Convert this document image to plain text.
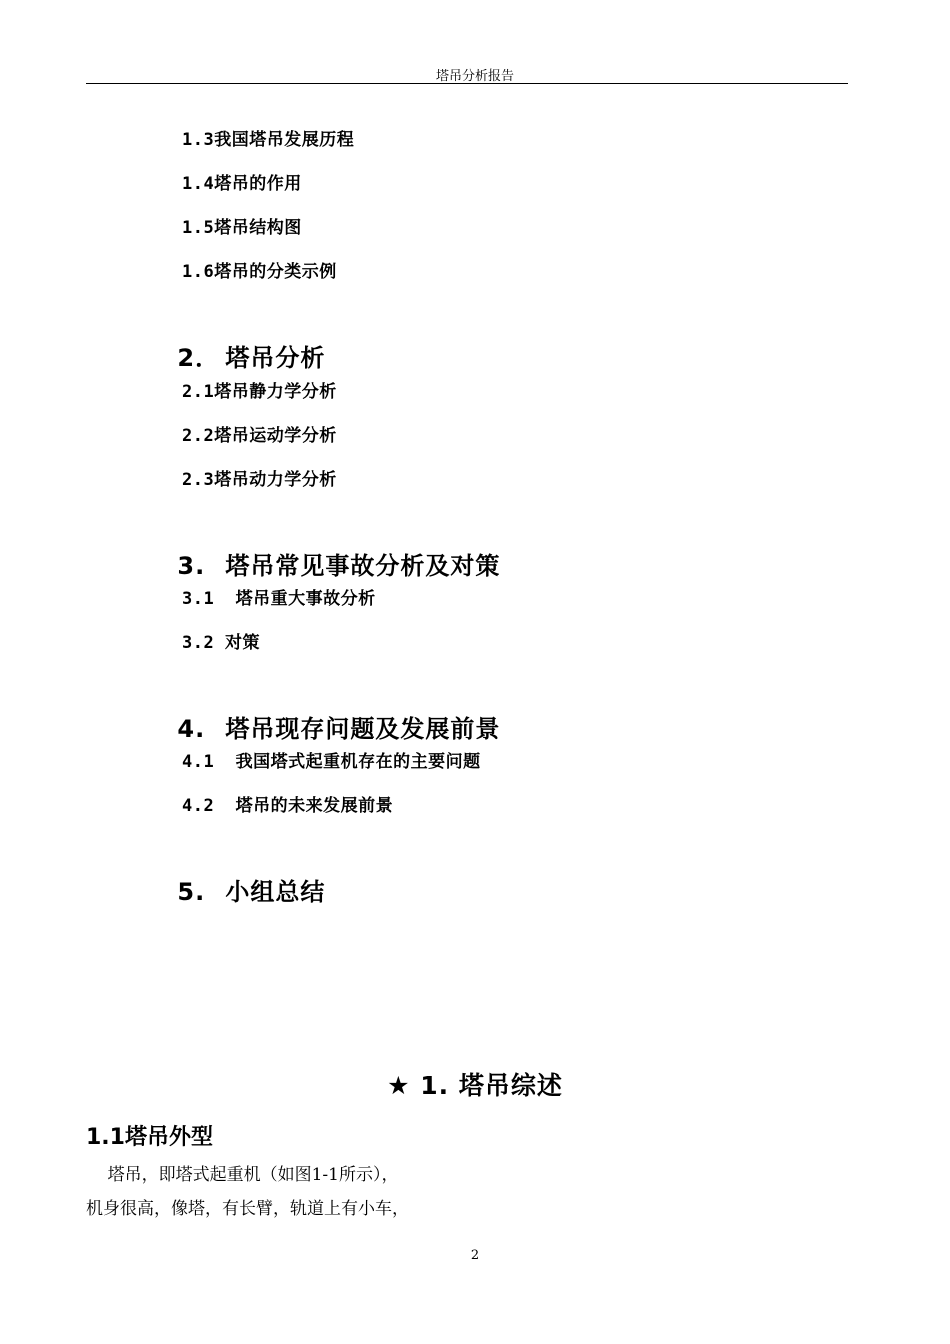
塔吊分析报告
1.3我国塔吊发展历程
1.4塔吊的作用
1.5塔吊结构图
1.6塔吊的分类示例

2． 塔吊分析

2.1塔吊静力学分析
2.2塔吊运动学分析
2.3塔吊动力学分析

3. 塔吊常见事故分析及对策

3.1  塔吊重大事故分析
3.2 对策

4. 塔吊现存问题及发展前景

4.1  我国塔式起重机存在的主要问题
4.2  塔吊的未来发展前景

5. 小组总结

★ 1. 塔吊综述
1.1塔吊外型
塔吊，即塔式起重机（如图1-1所示），
机身很高，像塔，有长臂，轨道上有小车，
2
